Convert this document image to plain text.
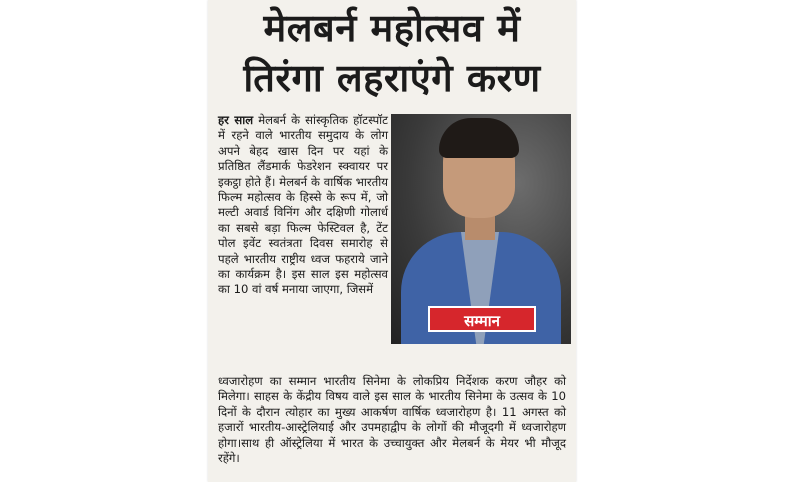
मेलबर्न महोत्सव में
तिरंगा लहराएंगे करण

हर साल मेलबर्न के सांस्कृतिक हॉटस्पॉट में रहने वाले भारतीय समुदाय के लोग अपने बेहद खास दिन पर यहां के प्रतिष्ठित लैंडमार्क फेडरेशन स्क्वायर पर इकट्ठा होते हैं। मेलबर्न के वार्षिक भारतीय फिल्म महोत्सव के हिस्से के रूप में, जो मल्टी अवार्ड विनिंग और दक्षिणी गोलार्ध का सबसे बड़ा फिल्म फेस्टिवल है, टेंट पोल इवेंट स्वतंत्रता दिवस समारोह से पहले भारतीय राष्ट्रीय ध्वज फहराये जाने का कार्यक्रम है। इस साल इस महोत्सव का 10 वां वर्ष मनाया जाएगा, जिसमें

सम्मान

ध्वजारोहण का सम्मान भारतीय सिनेमा के लोकप्रिय निर्देशक करण जौहर को मिलेगा। साहस के केंद्रीय विषय वाले इस साल के भारतीय सिनेमा के उत्सव के 10 दिनों के दौरान त्योहार का मुख्य आकर्षण वार्षिक ध्वजारोहण है। 11 अगस्त को हजारों भारतीय-आस्ट्रेलियाई और उपमहाद्वीप के लोगों की मौजूदगी में ध्वजारोहण होगा।साथ ही ऑस्ट्रेलिया में भारत के उच्चायुक्त और मेलबर्न के मेयर भी मौजूद रहेंगे।
